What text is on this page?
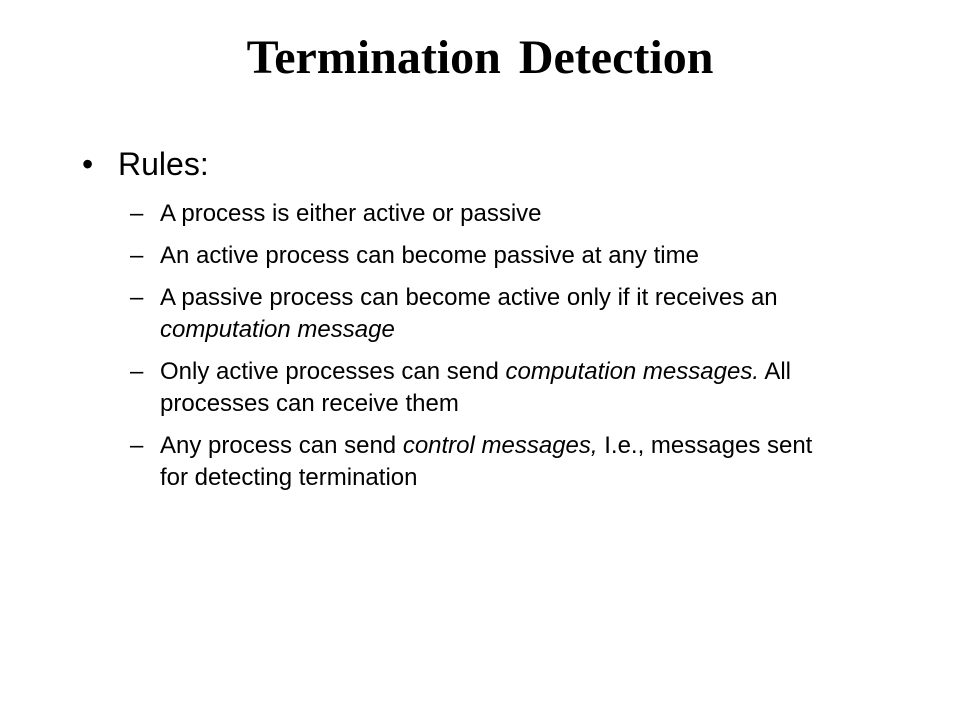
Termination Detection
• Rules:
– A process is either active or passive
– An active process can become passive at any time
– A passive process can become active only if it receives an computation message
– Only active processes can send computation messages. All processes can receive them
– Any process can send control messages, I.e., messages sent for detecting termination
